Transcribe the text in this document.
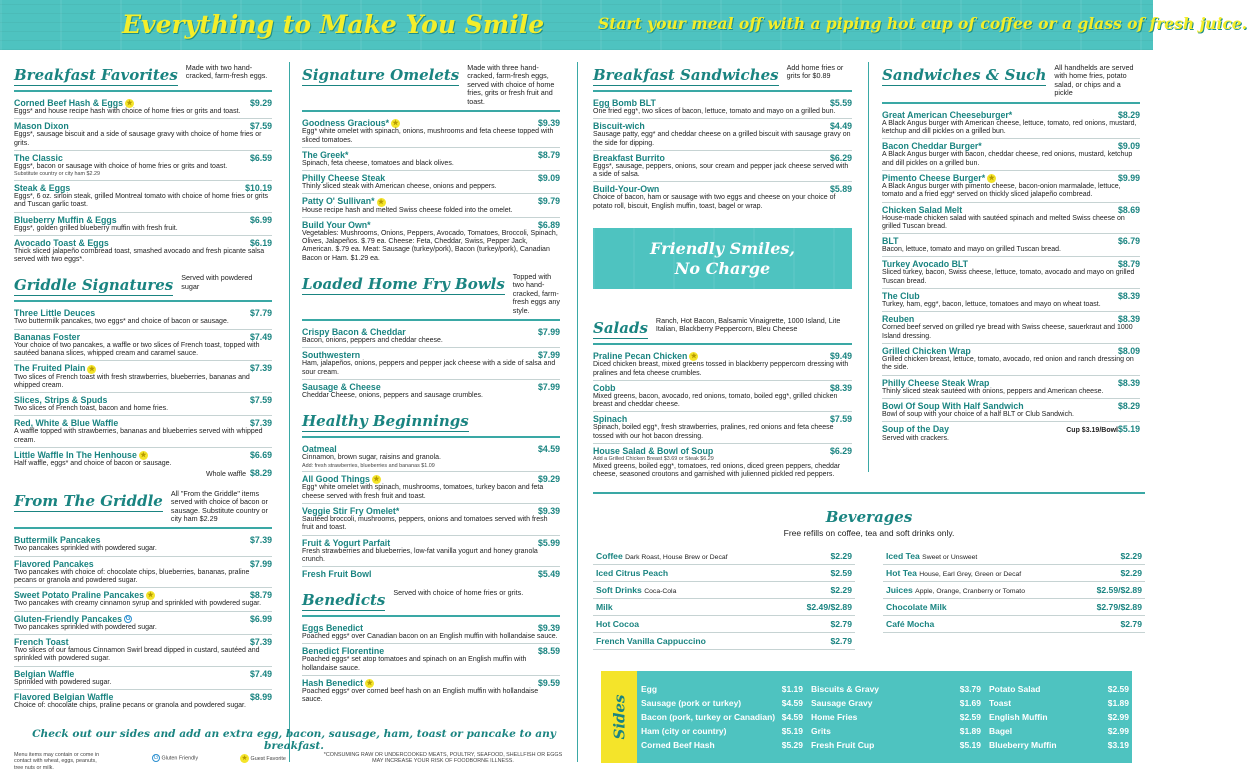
Everything to Make You Smile	Start your meal off with a piping hot cup of coffee or a glass of fresh juice.
Breakfast Favorites Made with two hand-cracked, farm-fresh eggs.
Corned Beef Hash & Eggs ★	$9.29
Eggs* and house recipe hash with choice of home fries or grits and toast.
Mason Dixon	$7.59
Eggs*, sausage biscuit and a side of sausage gravy with choice of home fries or grits.
The Classic	$6.59
Eggs*, bacon or sausage with choice of home fries or grits and toast.
Substitute country or city ham $2.29
Steak & Eggs	$10.19
Eggs*, 6 oz. sirloin steak, grilled Montreal tomato with choice of home fries or grits and Tuscan garlic toast.
Blueberry Muffin & Eggs	$6.99
Eggs*, golden grilled blueberry muffin with fresh fruit.
Avocado Toast & Eggs	$6.19
Thick sliced jalapeño cornbread toast, smashed avocado and fresh picante salsa served with two eggs*.
Griddle Signatures Served with powdered sugar
Three Little Deuces	$7.79
Two buttermilk pancakes, two eggs* and choice of bacon or sausage.
Bananas Foster	$7.49
Your choice of two pancakes, a waffle or two slices of French toast, topped with sautéed banana slices, whipped cream and caramel sauce.
The Fruited Plain ★	$7.39
Two slices of French toast with fresh strawberries, blueberries, bananas and whipped cream.
Slices, Strips & Spuds	$7.59
Two slices of French toast, bacon and home fries.
Red, White & Blue Waffle	$7.39
A waffle topped with strawberries, bananas and blueberries served with whipped cream.
Little Waffle In The Henhouse ★	$6.69
Half waffle, eggs* and choice of bacon or sausage.
Whole waffle $8.29
From The Griddle All "From the Griddle" items served with choice of bacon or sausage. Substitute country or city ham $2.29
Buttermilk Pancakes	$7.39
Two pancakes sprinkled with powdered sugar.
Flavored Pancakes	$7.99
Two pancakes with choice of: chocolate chips, blueberries, bananas, praline pecans or granola and powdered sugar.
Sweet Potato Praline Pancakes ★	$8.79
Two pancakes with creamy cinnamon syrup and sprinkled with powdered sugar.
Gluten-Friendly Pancakes G	$6.99
Two pancakes sprinkled with powdered sugar.
French Toast	$7.39
Two slices of our famous Cinnamon Swirl bread dipped in custard, sautéed and sprinkled with powdered sugar.
Belgian Waffle	$7.49
Sprinkled with powdered sugar.
Flavored Belgian Waffle	$8.99
Choice of: chocolate chips, praline pecans or granola and powdered sugar.
Signature Omelets Made with three hand-cracked, farm-fresh eggs, served with choice of home fries, grits or fresh fruit and toast.
Goodness Gracious* ★	$9.39
Egg* white omelet with spinach, onions, mushrooms and feta cheese topped with sliced tomatoes.
The Greek*	$8.79
Spinach, feta cheese, tomatoes and black olives.
Philly Cheese Steak	$9.09
Thinly sliced steak with American cheese, onions and peppers.
Patty O' Sullivan* ★	$9.79
House recipe hash and melted Swiss cheese folded into the omelet.
Build Your Own*	$6.89
Vegetables: Mushrooms, Onions, Peppers, Avocado, Tomatoes, Broccoli, Spinach, Olives, Jalapeños. $.79 ea. Cheese: Feta, Cheddar, Swiss, Pepper Jack, American. $.79 ea. Meat: Sausage (turkey/pork), Bacon (turkey/pork), Canadian Bacon or Ham. $1.29 ea.
Loaded Home Fry Bowls Topped with two hand-cracked, farm-fresh eggs any style.
Crispy Bacon & Cheddar	$7.99
Bacon, onions, peppers and cheddar cheese.
Southwestern	$7.99
Ham, jalapeños, onions, peppers and pepper jack cheese with a side of salsa and sour cream.
Sausage & Cheese	$7.99
Cheddar Cheese, onions, peppers and sausage crumbles.
Healthy Beginnings
Oatmeal	$4.59
Cinnamon, brown sugar, raisins and granola.
Add: fresh strawberries, blueberries and bananas $1.09
All Good Things ★	$9.29
Egg* white omelet with spinach, mushrooms, tomatoes, turkey bacon and feta cheese served with fresh fruit and toast.
Veggie Stir Fry Omelet*	$9.39
Sautéed broccoli, mushrooms, peppers, onions and tomatoes served with fresh fruit and toast.
Fruit & Yogurt Parfait	$5.99
Fresh strawberries and blueberries, low-fat vanilla yogurt and honey granola crunch.
Fresh Fruit Bowl	$5.49
Benedicts Served with choice of home fries or grits.
Eggs Benedict	$9.39
Poached eggs* over Canadian bacon on an English muffin with hollandaise sauce.
Benedict Florentine	$8.59
Poached eggs* set atop tomatoes and spinach on an English muffin with hollandaise sauce.
Hash Benedict ★	$9.59
Poached eggs* over corned beef hash on an English muffin with hollandaise sauce.
Breakfast Sandwiches Add home fries or grits for $0.89
Egg Bomb BLT	$5.59
One fried egg*, two slices of bacon, lettuce, tomato and mayo on a grilled bun.
Biscuit-wich	$4.49
Sausage patty, egg* and cheddar cheese on a grilled biscuit with sausage gravy on the side for dipping.
Breakfast Burrito	$6.29
Eggs*, sausage, peppers, onions, sour cream and pepper jack cheese served with a side of salsa.
Build-Your-Own	$5.89
Choice of bacon, ham or sausage with two eggs and cheese on your choice of potato roll, biscuit, English muffin, toast, bagel or wrap.
Salads Ranch, Hot Bacon, Balsamic Vinaigrette, 1000 Island, Lite Italian, Blackberry Peppercorn, Bleu Cheese
Praline Pecan Chicken ★	$9.49
Diced chicken breast, mixed greens tossed in blackberry peppercorn dressing with pralines and feta cheese crumbles.
Cobb	$8.39
Mixed greens, bacon, avocado, red onions, tomato, boiled egg*, grilled chicken breast and cheddar cheese.
Spinach	$7.59
Spinach, boiled egg*, fresh strawberries, pralines, red onions and feta cheese tossed with our hot bacon dressing.
House Salad & Bowl of Soup	$6.29
Add a Grilled Chicken Breast $3.69 or Steak $6.29
Mixed greens, boiled egg*, tomatoes, red onions, diced green peppers, cheddar cheese, seasoned croutons and garnished with julienned pickled red peppers.
Sandwiches & Such All handhelds are served with home fries, potato salad, or chips and a pickle
Great American Cheeseburger*	$8.29
A Black Angus burger with American cheese, lettuce, tomato, red onions, mustard, ketchup and dill pickles on a grilled bun.
Bacon Cheddar Burger*	$9.09
A Black Angus burger with bacon, cheddar cheese, red onions, mustard, ketchup and dill pickles on a grilled bun.
Pimento Cheese Burger* ★	$9.99
A Black Angus burger with pimento cheese, bacon-onion marmalade, lettuce, tomato and a fried egg* served on thickly sliced jalapeño cornbread.
Chicken Salad Melt	$8.69
House-made chicken salad with sautéed spinach and melted Swiss cheese on grilled Tuscan bread.
BLT	$6.79
Bacon, lettuce, tomato and mayo on grilled Tuscan bread.
Turkey Avocado BLT	$8.79
Sliced turkey, bacon, Swiss cheese, lettuce, tomato, avocado and mayo on grilled Tuscan bread.
The Club	$8.39
Turkey, ham, egg*, bacon, lettuce, tomatoes and mayo on wheat toast.
Reuben	$8.39
Corned beef served on grilled rye bread with Swiss cheese, sauerkraut and 1000 Island dressing.
Grilled Chicken Wrap	$8.09
Grilled chicken breast, lettuce, tomato, avocado, red onion and ranch dressing on the side.
Philly Cheese Steak Wrap	$8.39
Thinly sliced steak sautéed with onions, peppers and American cheese.
Bowl Of Soup With Half Sandwich	$8.29
Bowl of soup with your choice of a half BLT or Club Sandwich.
Soup of the Day	Cup $3.19/Bowl$5.19
Served with crackers.
Friendly Smiles,
No Charge
Beverages
Free refills on coffee, tea and soft drinks only.
Coffee Dark Roast, House Brew or Decaf	$2.29
Iced Citrus Peach	$2.59
Soft Drinks Coca-Cola	$2.29
Milk	$2.49/$2.89
Hot Cocoa	$2.79
French Vanilla Cappuccino	$2.79
Iced Tea Sweet or Unsweet	$2.29
Hot Tea House, Earl Grey, Green or Decaf	$2.29
Juices Apple, Orange, Cranberry or Tomato	$2.59/$2.89
Chocolate Milk	$2.79/$2.89
Café Mocha	$2.79
Sides
Egg	$1.19
Sausage (pork or turkey)	$4.59
Bacon (pork, turkey or Canadian) $4.59
Ham (city or country)	$5.19
Corned Beef Hash	$5.29
Biscuits & Gravy	$3.79
Sausage Gravy	$1.69
Home Fries	$2.59
Grits	$1.89
Fresh Fruit Cup	$5.19
Potato Salad	$2.59
Toast	$1.89
English Muffin	$2.99
Bagel	$2.99
Blueberry Muffin	$3.19
Check out our sides and add an extra egg, bacon, sausage, ham, toast or pancake to any breakfast.
Menu items may contain or come in contact with wheat, eggs, peanuts, tree nuts or milk.
G Gluten Friendly	★ Guest Favorite
*CONSUMING RAW OR UNDERCOOKED MEATS, POULTRY, SEAFOOD, SHELLFISH OR EGGS MAY INCREASE YOUR RISK OF FOODBORNE ILLNESS.
